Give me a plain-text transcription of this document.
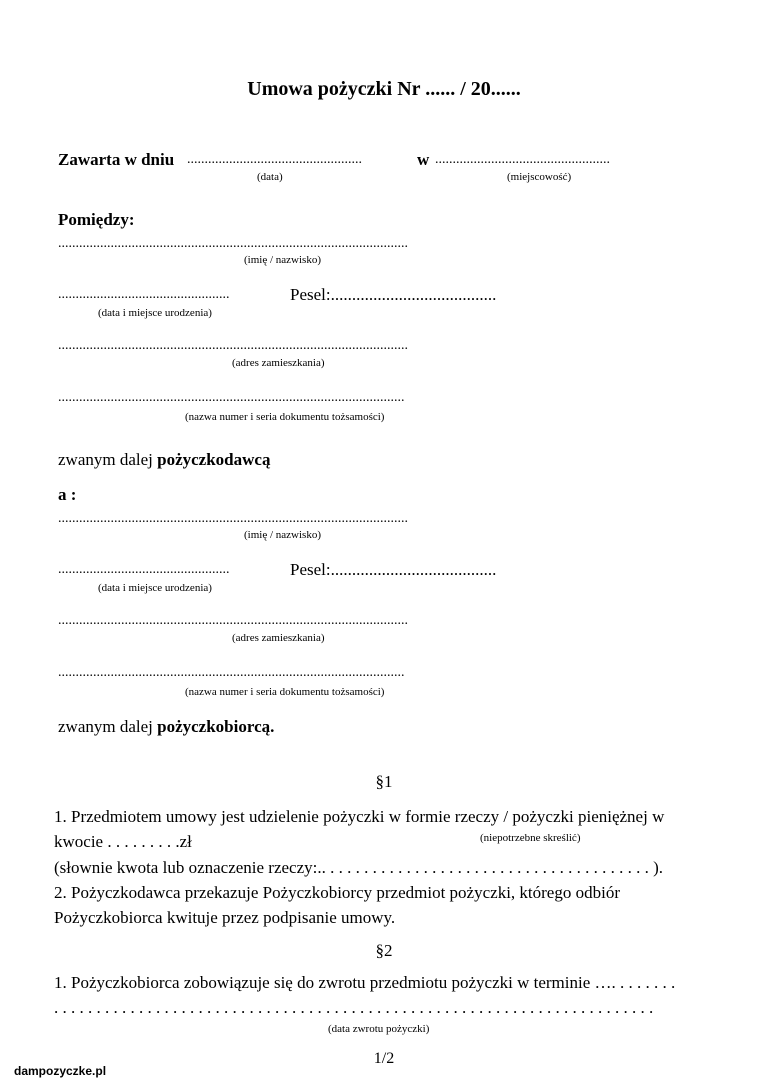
Umowa pożyczki Nr ...... / 20......
Zawarta w dniu ..................................................	w ..................................................
(data)	(miejscowość)
Pomiędzy:
....................................................................................................
(imię / nazwisko)
.................................................	Pesel:.......................................
(data i miejsce urodzenia)
....................................................................................................
(adres zamieszkania)
...................................................................................................
(nazwa numer i seria dokumentu tożsamości)
zwanym dalej pożyczkodawcą
a :
....................................................................................................
(imię / nazwisko)
.................................................	Pesel:.......................................
(data i miejsce urodzenia)
....................................................................................................
(adres zamieszkania)
...................................................................................................
(nazwa numer i seria dokumentu tożsamości)
zwanym dalej pożyczkobiorcą.
§1
1. Przedmiotem umowy jest udzielenie pożyczki w formie rzeczy / pożyczki pieniężnej w
kwocie . . . . . . . . .zł	(niepotrzebne skreślić)
(słownie kwota lub oznaczenie rzeczy:.. . . . . . . . . . . . . . . . . . . . . . . . . . . . . . . . . . . . . . . ).
2. Pożyczkodawca przekazuje Pożyczkobiorcy przedmiot pożyczki, którego odbiór
Pożyczkobiorca kwituje przez podpisanie umowy.
§2
1. Pożyczkobiorca zobowiązuje się do zwrotu przedmiotu pożyczki w terminie …. . . . . . . .
. . . . . . . . . . . . . . . . . . . . . . . . . . . . . . . . . . . . . . . . . . . . . . . . . . . . . . . . . . . . . . . . . . . . . . .
(data zwrotu pożyczki)
1/2
dampozyczke.pl
